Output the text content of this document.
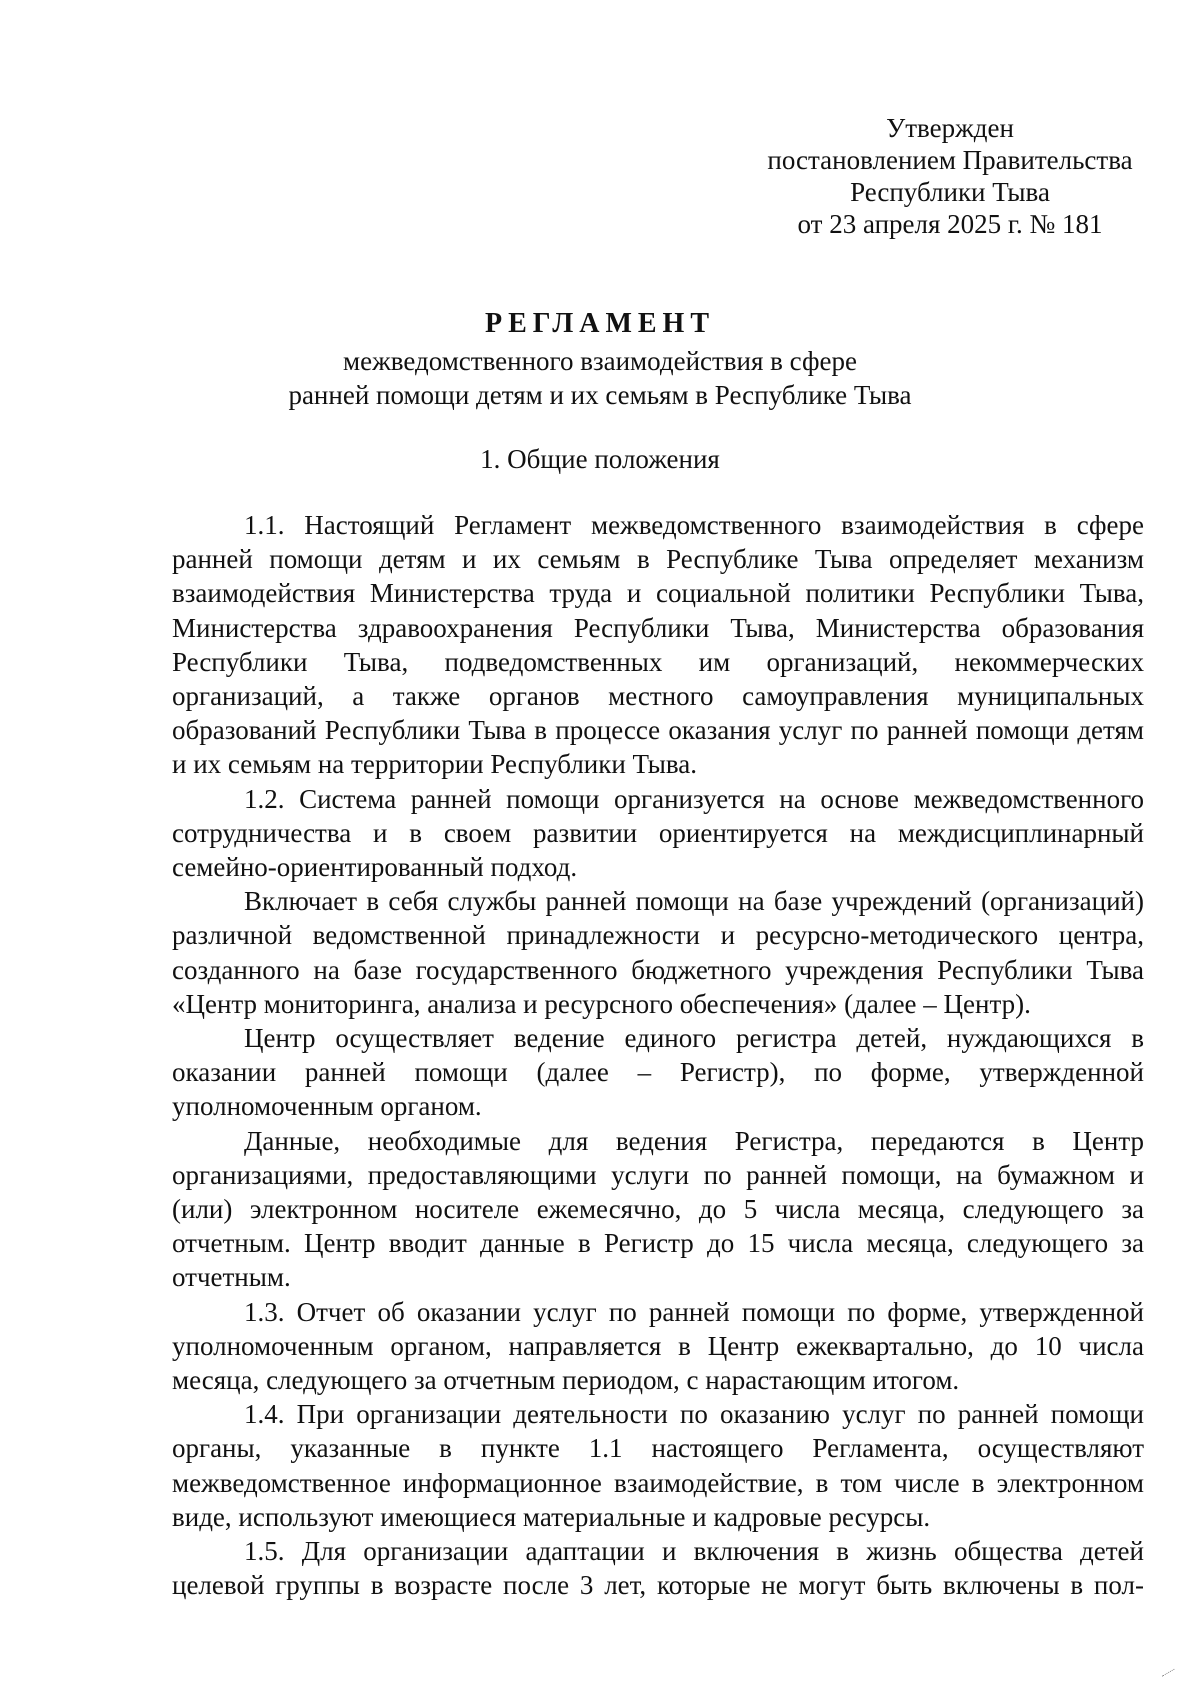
Утвержден
постановлением Правительства
Республики Тыва
от 23 апреля 2025 г. № 181
РЕГЛАМЕНТ
межведомственного взаимодействия в сфере
ранней помощи детям и их семьям в Республике Тыва
1. Общие положения

1.1. Настоящий Регламент межведомственного взаимодействия в сфере ранней помощи детям и их семьям в Республике Тыва определяет механизм взаимодействия Министерства труда и социальной политики Республики Тыва, Министерства здравоохранения Республики Тыва, Министерства образования Республики Тыва, подведомственных им организаций, некоммерческих организаций, а также органов местного самоуправления муниципальных образований Республики Тыва в процессе оказания услуг по ранней помощи детям и их семьям на территории Республики Тыва.

1.2. Система ранней помощи организуется на основе межведомственного сотрудничества и в своем развитии ориентируется на междисциплинарный семейно-ориентированный подход.

Включает в себя службы ранней помощи на базе учреждений (организаций) различной ведомственной принадлежности и ресурсно-методического центра, созданного на базе государственного бюджетного учреждения Республики Тыва «Центр мониторинга, анализа и ресурсного обеспечения» (далее – Центр).

Центр осуществляет ведение единого регистра детей, нуждающихся в оказании ранней помощи (далее – Регистр), по форме, утвержденной уполномоченным органом.

Данные, необходимые для ведения Регистра, передаются в Центр организациями, предоставляющими услуги по ранней помощи, на бумажном и (или) электронном носителе ежемесячно, до 5 числа месяца, следующего за отчетным. Центр вводит данные в Регистр до 15 числа месяца, следующего за отчетным.

1.3. Отчет об оказании услуг по ранней помощи по форме, утвержденной уполномоченным органом, направляется в Центр ежеквартально, до 10 числа месяца, следующего за отчетным периодом, с нарастающим итогом.

1.4. При организации деятельности по оказанию услуг по ранней помощи органы, указанные в пункте 1.1 настоящего Регламента, осуществляют межведомственное информационное взаимодействие, в том числе в электронном виде, используют имеющиеся материальные и кадровые ресурсы.

1.5. Для организации адаптации и включения в жизнь общества детей целевой группы в возрасте после 3 лет, которые не могут быть включены в пол-
